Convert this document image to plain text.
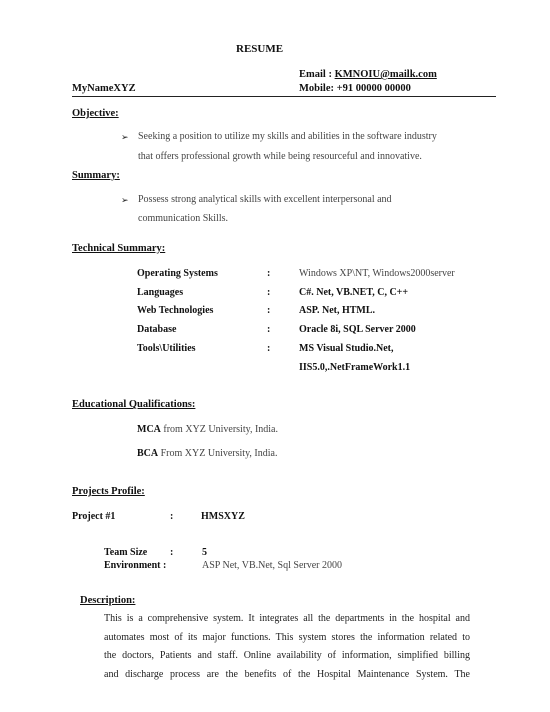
RESUME
Email : KMNOIU@mailk.com
MyNameXYZ	Mobile: +91 00000 00000
Objective:
➢ Seeking a position to utilize my skills and abilities in the software industry
that offers professional growth while being resourceful and innovative.
Summary:
➢ Possess strong analytical skills with excellent interpersonal and
communication Skills.
Technical Summary:
Operating Systems	:	Windows XP\NT, Windows2000server
Languages	:	C#. Net, VB.NET, C, C++
Web Technologies	:	ASP. Net, HTML.
Database	:	Oracle 8i, SQL Server 2000
Tools\Utilities	:	MS Visual Studio.Net,
IIS5.0,.NetFrameWork1.1
Educational Qualifications:
MCA from XYZ University, India.
BCA From XYZ University, India.
Projects Profile:
Project #1	:	HMSXYZ
Team Size :	5
Environment :	ASP Net, VB.Net, Sql Server 2000
Description:
This is a comprehensive system. It integrates all the departments in the hospital and
automates most of its major functions. This system stores the information related to
the doctors, Patients and staff. Online availability of information, simplified billing
and discharge process are the benefits of the Hospital Maintenance System. The
